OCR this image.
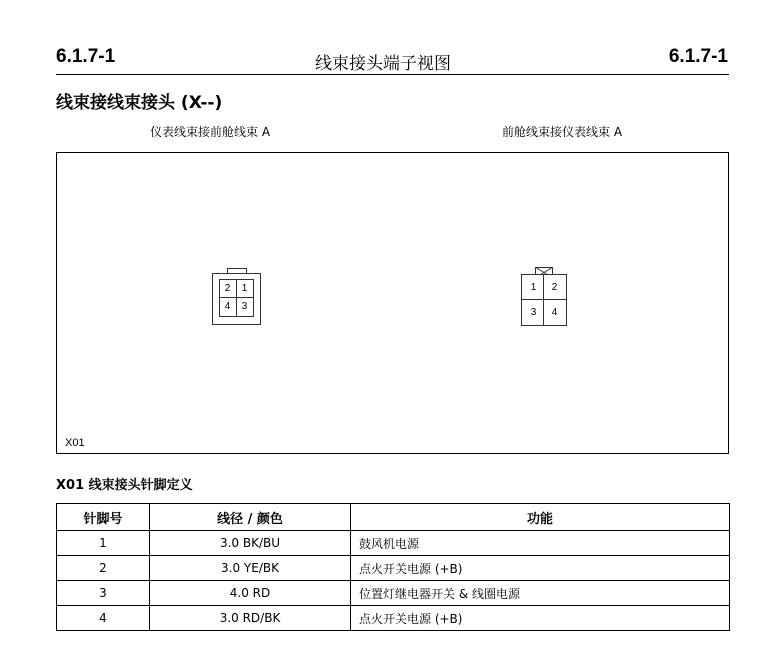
6.1.7-1	线束接头端子视图	6.1.7-1
线束接线束接头 (X--)
仪表线束接前舱线束 A	前舱线束接仪表线束 A
2	1
4	3
1	2
3	4
X01
X01 线束接头针脚定义
针脚号	线径 / 颜色	功能
1	3.0 BK/BU	鼓风机电源
2	3.0 YE/BK	点火开关电源 (+B)
3	4.0 RD	位置灯继电器开关 & 线圈电源
4	3.0 RD/BK	点火开关电源 (+B)
